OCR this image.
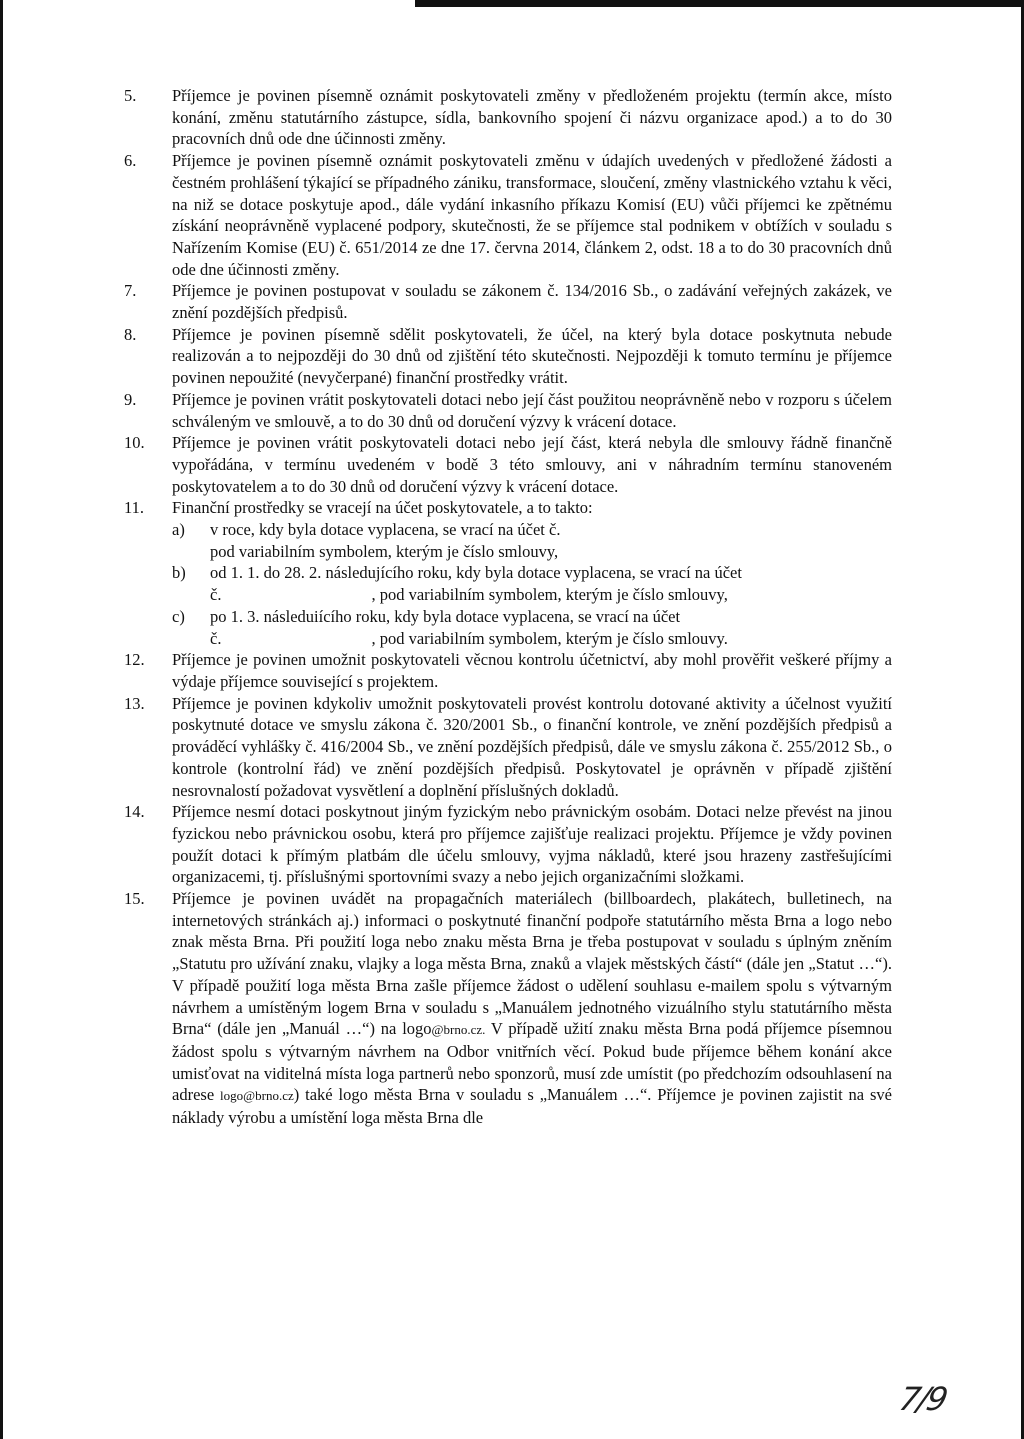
5.	Příjemce je povinen písemně oznámit poskytovateli změny v předloženém projektu (termín akce, místo konání, změnu statutárního zástupce, sídla, bankovního spojení či názvu organizace apod.) a to do 30 pracovních dnů ode dne účinnosti změny.

6.	Příjemce je povinen písemně oznámit poskytovateli změnu v údajích uvedených v předložené žádosti a čestném prohlášení týkající se případného zániku, transformace, sloučení, změny vlastnického vztahu k věci, na niž se dotace poskytuje apod., dále vydání inkasního příkazu Komisí (EU) vůči příjemci ke zpětnému získání neoprávněně vyplacené podpory, skutečnosti, že se příjemce stal podnikem v obtížích v souladu s Nařízením Komise (EU) č. 651/2014 ze dne 17. června 2014, článkem 2, odst. 18 a to do 30 pracovních dnů ode dne účinnosti změny.

7.	Příjemce je povinen postupovat v souladu se zákonem č. 134/2016 Sb., o zadávání veřejných zakázek, ve znění pozdějších předpisů.

8.	Příjemce je povinen písemně sdělit poskytovateli, že účel, na který byla dotace poskytnuta nebude realizován a to nejpozději do 30 dnů od zjištění této skutečnosti. Nejpozději k tomuto termínu je příjemce povinen nepoužité (nevyčerpané) finanční prostředky vrátit.

9.	Příjemce je povinen vrátit poskytovateli dotaci nebo její část použitou neoprávněně nebo v rozporu s účelem schváleným ve smlouvě, a to do 30 dnů od doručení výzvy k vrácení dotace.

10.	Příjemce je povinen vrátit poskytovateli dotaci nebo její část, která nebyla dle smlouvy řádně finančně vypořádána, v termínu uvedeném v bodě 3 této smlouvy, ani v náhradním termínu stanoveném poskytovatelem a to do 30 dnů od doručení výzvy k vrácení dotace.

11.	Finanční prostředky se vracejí na účet poskytovatele, a to takto:

a) v roce, kdy byla dotace vyplacena, se vrací na účet č.
pod variabilním symbolem, kterým je číslo smlouvy,
b) od 1. 1. do 28. 2. následujícího roku, kdy byla dotace vyplacena, se vrací na účet
č.	, pod variabilním symbolem, kterým je číslo smlouvy,
c) po 1. 3. následuiícího roku, kdy byla dotace vyplacena, se vrací na účet
č.	, pod variabilním symbolem, kterým je číslo smlouvy.
12.	Příjemce je povinen umožnit poskytovateli věcnou kontrolu účetnictví, aby mohl prověřit veškeré příjmy a výdaje příjemce související s projektem.

13.	Příjemce je povinen kdykoliv umožnit poskytovateli provést kontrolu dotované aktivity a účelnost využití poskytnuté dotace ve smyslu zákona č. 320/2001 Sb., o finanční kontrole, ve znění pozdějších předpisů a prováděcí vyhlášky č. 416/2004 Sb., ve znění pozdějších předpisů, dále ve smyslu zákona č. 255/2012 Sb., o kontrole (kontrolní řád) ve znění pozdějších předpisů. Poskytovatel je oprávněn v případě zjištění nesrovnalostí požadovat vysvětlení a doplnění příslušných dokladů.

14.	Příjemce nesmí dotaci poskytnout jiným fyzickým nebo právnickým osobám. Dotaci nelze převést na jinou fyzickou nebo právnickou osobu, která pro příjemce zajišťuje realizaci projektu. Příjemce je vždy povinen použít dotaci k přímým platbám dle účelu smlouvy, vyjma nákladů, které jsou hrazeny zastřešujícími organizacemi, tj. příslušnými sportovními svazy a nebo jejich organizačními složkami.

15.	Příjemce je povinen uvádět na propagačních materiálech (billboardech, plakátech, bulletinech, na internetových stránkách aj.) informaci o poskytnuté finanční podpoře statutárního města Brna a logo nebo znak města Brna. Při použití loga nebo znaku města Brna je třeba postupovat v souladu s úplným zněním „Statutu pro užívání znaku, vlajky a loga města Brna, znaků a vlajek městských částí“ (dále jen „Statut …“). V případě použití loga města Brna zašle příjemce žádost o udělení souhlasu e-mailem spolu s výtvarným návrhem a umístěným logem Brna v souladu s „Manuálem jednotného vizuálního stylu statutárního města Brna“ (dále jen „Manuál …“) na logo@brno.cz. V případě užití znaku města Brna podá příjemce písemnou žádost spolu s výtvarným návrhem na Odbor vnitřních věcí. Pokud bude příjemce během konání akce umisťovat na viditelná místa loga partnerů nebo sponzorů, musí zde umístit (po předchozím odsouhlasení na adrese logo@brno.cz) také logo města Brna v souladu s „Manuálem …“. Příjemce je povinen zajistit na své náklady výrobu a umístění loga města Brna dle

7/9
